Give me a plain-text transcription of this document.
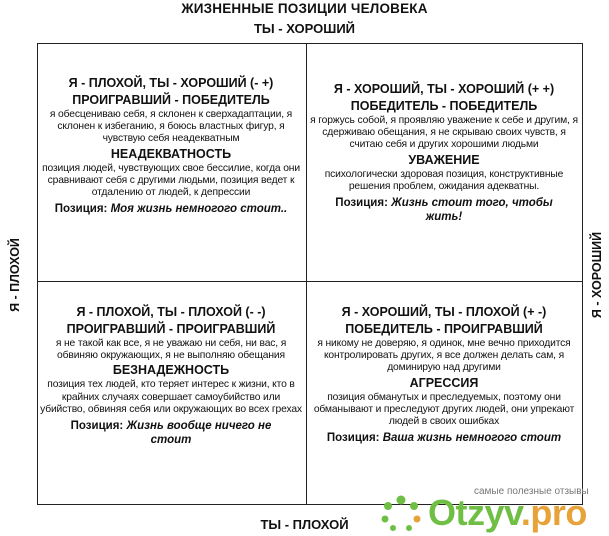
ЖИЗНЕННЫЕ ПОЗИЦИИ ЧЕЛОВЕКА
ТЫ - ХОРОШИЙ
ТЫ - ПЛОХОЙ
Я - ПЛОХОЙ	Я - ХОРОШИЙ
Я - ПЛОХОЙ, ТЫ - ХОРОШИЙ (- +)
ПРОИГРАВШИЙ - ПОБЕДИТЕЛЬ
я обесцениваю себя, я склонен к сверхадаптации, я склонен к избеганию, я боюсь властных фигур, я чувствую себя неадекватным
НЕАДЕКВАТНОСТЬ
позиция людей, чувствующих свое бессилие, когда они сравнивают себя с другими людьми, позиция ведет к отдалению от людей, к депрессии
Позиция: Моя жизнь немногого стоит..
Я - ХОРОШИЙ, ТЫ - ХОРОШИЙ (+ +)
ПОБЕДИТЕЛЬ - ПОБЕДИТЕЛЬ
я горжусь собой, я проявляю уважение к себе и другим, я сдерживаю обещания, я не скрываю своих чувств, я считаю себя и других хорошими людьми
УВАЖЕНИЕ
психологически здоровая позиция, конструктивные решения проблем, ожидания адекватны.
Позиция: Жизнь стоит того, чтобы жить!
Я - ПЛОХОЙ, ТЫ - ПЛОХОЙ (- -)
ПРОИГРАВШИЙ - ПРОИГРАВШИЙ
я не такой как все, я не уважаю ни себя, ни вас, я обвиняю окружающих, я не выполняю обещания
БЕЗНАДЕЖНОСТЬ
позиция тех людей, кто теряет интерес к жизни, кто в крайних случаях совершает самоубийство или убийство, обвиняя себя или окружающих во всех грехах
Позиция: Жизнь вообще ничего не стоит
Я - ХОРОШИЙ, ТЫ - ПЛОХОЙ (+ -)
ПОБЕДИТЕЛЬ - ПРОИГРАВШИЙ
я никому не доверяю, я одинок, мне вечно приходится контролировать других, я все должен делать сам, я доминирую над другими
АГРЕССИЯ
позиция обманутых и преследуемых, поэтому они обманывают и преследуют других людей, они упрекают людей в своих ошибках
Позиция: Ваша жизнь немногого стоит
самые полезные отзывы
Otzyv.pro
